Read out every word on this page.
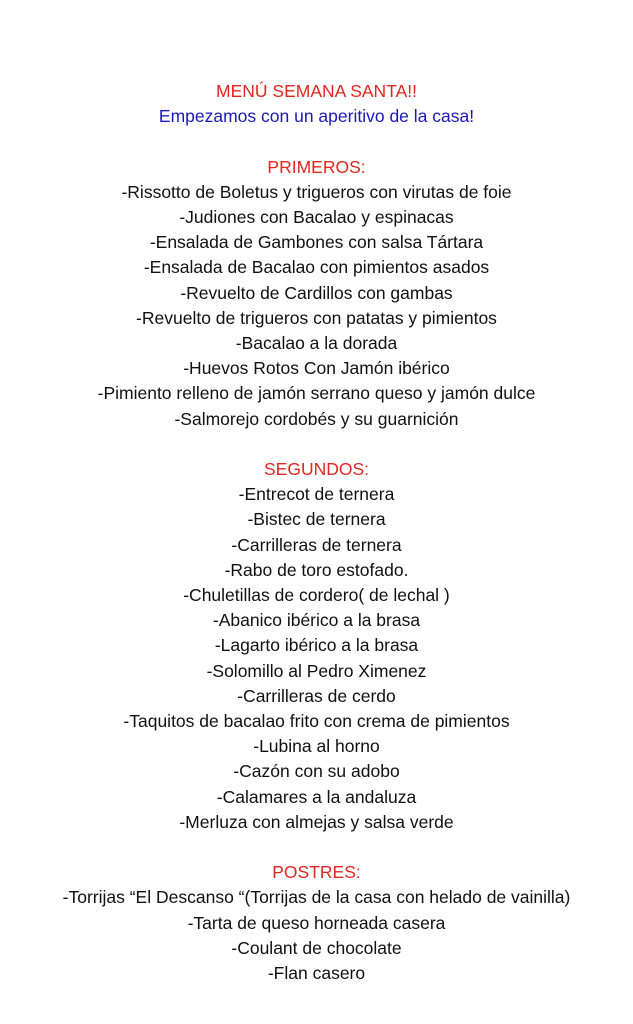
MENÚ SEMANA SANTA!!

Empezamos con un aperitivo de la casa!

PRIMEROS:
-Rissotto de Boletus y trigueros con virutas de foie
-Judiones con Bacalao y espinacas
-Ensalada de Gambones con salsa Tártara
-Ensalada de Bacalao con pimientos asados
-Revuelto de Cardillos con gambas
-Revuelto de trigueros con patatas y pimientos
-Bacalao a la dorada
-Huevos Rotos Con Jamón ibérico
-Pimiento relleno de jamón serrano queso y jamón dulce
-Salmorejo cordobés y su guarnición
SEGUNDOS:
-Entrecot de ternera
-Bistec de ternera
-Carrilleras de ternera
-Rabo de toro estofado.
-Chuletillas de cordero( de lechal )
-Abanico ibérico a la brasa
-Lagarto ibérico a la brasa
-Solomillo al Pedro Ximenez
-Carrilleras de cerdo
-Taquitos de bacalao frito con crema de pimientos
-Lubina al horno
-Cazón con su adobo
-Calamares a la andaluza
-Merluza con almejas y salsa verde
POSTRES:
-Torrijas “El Descanso “(Torrijas de la casa con helado de vainilla)
-Tarta de queso horneada casera
-Coulant de chocolate
-Flan casero
